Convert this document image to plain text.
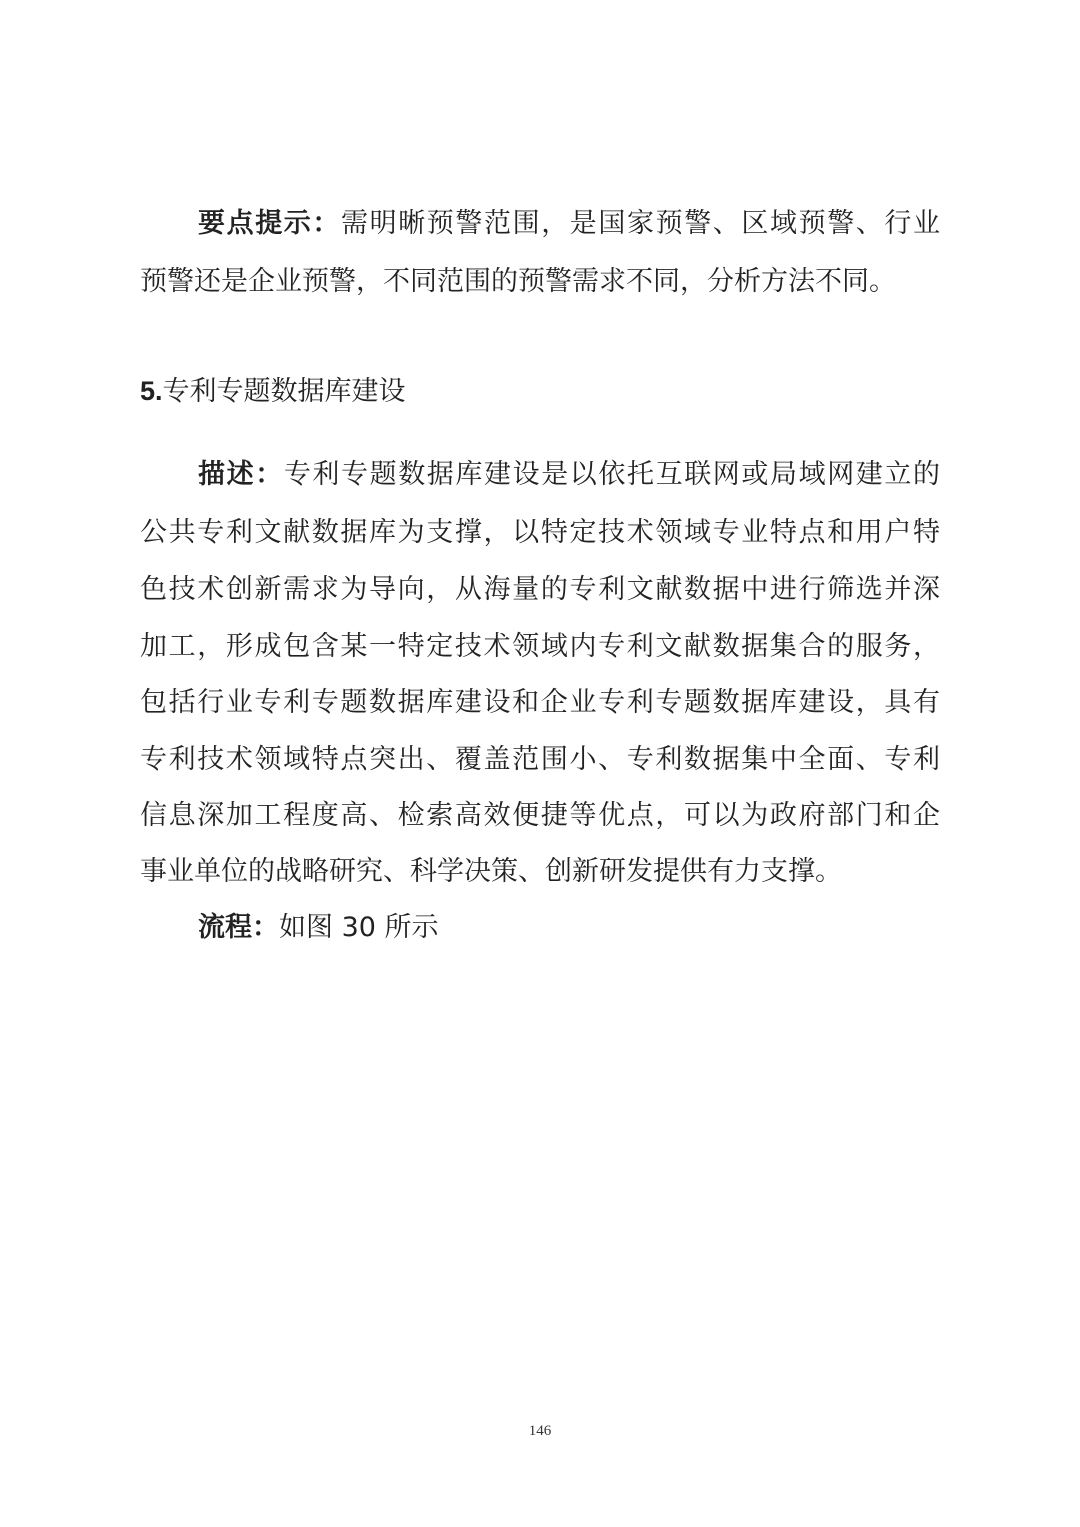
要点提示：需明晰预警范围，是国家预警、区域预警、行业
预警还是企业预警，不同范围的预警需求不同，分析方法不同。
5.专利专题数据库建设
描述：专利专题数据库建设是以依托互联网或局域网建立的
公共专利文献数据库为支撑，以特定技术领域专业特点和用户特
色技术创新需求为导向，从海量的专利文献数据中进行筛选并深
加工，形成包含某一特定技术领域内专利文献数据集合的服务，
包括行业专利专题数据库建设和企业专利专题数据库建设，具有
专利技术领域特点突出、覆盖范围小、专利数据集中全面、专利
信息深加工程度高、检索高效便捷等优点，可以为政府部门和企
事业单位的战略研究、科学决策、创新研发提供有力支撑。
流程：如图 30 所示
146
